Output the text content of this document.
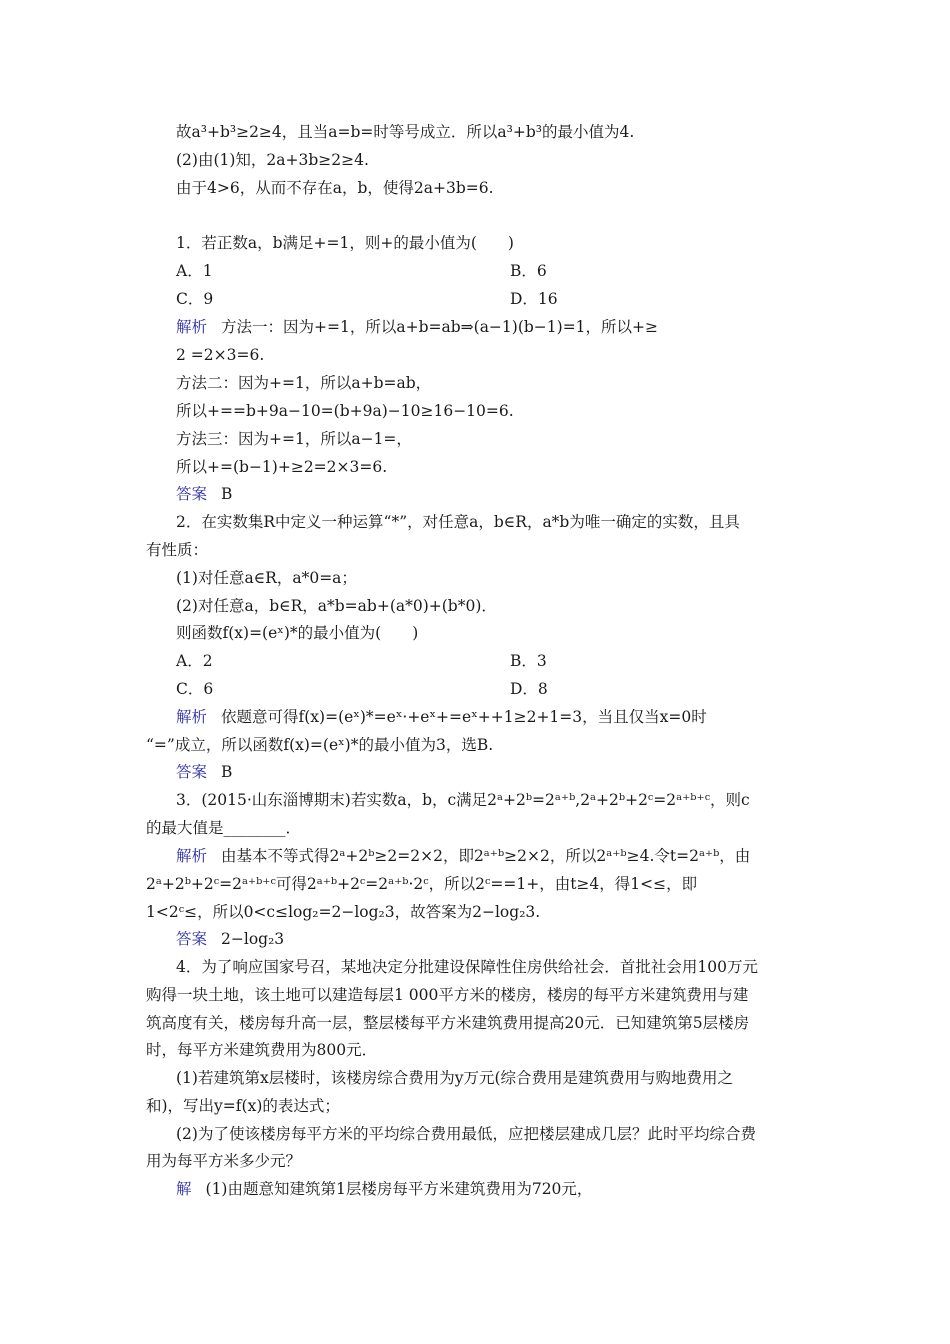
故a³+b³≥2≥4，且当a=b=时等号成立．所以a³+b³的最小值为4.
(2)由(1)知，2a+3b≥2≥4.
由于4>6，从而不存在a，b，使得2a+3b=6.
1．若正数a，b满足+=1，则+的最小值为(　　)
A．1	B．6
C．9	D．16
解析 方法一：因为+=1，所以a+b=ab⇒(a−1)(b−1)=1，所以+≥
2 =2×3=6.
方法二：因为+=1，所以a+b=ab，
所以+==b+9a−10=(b+9a)−10≥16−10=6.
方法三：因为+=1，所以a−1=，
所以+=(b−1)+≥2=2×3=6.
答案 B
2．在实数集R中定义一种运算“*”，对任意a，b∈R，a*b为唯一确定的实数，且具
有性质：
(1)对任意a∈R，a*0=a；
(2)对任意a，b∈R，a*b=ab+(a*0)+(b*0)．
则函数f(x)=(eˣ)*的最小值为(　　)
A．2	B．3
C．6	D．8
解析 依题意可得f(x)=(eˣ)*=eˣ·+eˣ+=eˣ++1≥2+1=3，当且仅当x=0时
“=”成立，所以函数f(x)=(eˣ)*的最小值为3，选B.
答案 B
3．(2015·山东淄博期末)若实数a，b，c满足2ᵃ+2ᵇ=2ᵃ⁺ᵇ,2ᵃ+2ᵇ+2ᶜ=2ᵃ⁺ᵇ⁺ᶜ，则c
的最大值是________．
解析 由基本不等式得2ᵃ+2ᵇ≥2=2×2，即2ᵃ⁺ᵇ≥2×2，所以2ᵃ⁺ᵇ≥4.令t=2ᵃ⁺ᵇ，由
2ᵃ+2ᵇ+2ᶜ=2ᵃ⁺ᵇ⁺ᶜ可得2ᵃ⁺ᵇ+2ᶜ=2ᵃ⁺ᵇ·2ᶜ，所以2ᶜ==1+，由t≥4，得1<≤，即
1<2ᶜ≤，所以0<c≤log₂=2−log₂3，故答案为2−log₂3.
答案 2−log₂3
4．为了响应国家号召，某地决定分批建设保障性住房供给社会．首批社会用100万元
购得一块土地，该土地可以建造每层1 000平方米的楼房，楼房的每平方米建筑费用与建
筑高度有关，楼房每升高一层，整层楼每平方米建筑费用提高20元．已知建筑第5层楼房
时，每平方米建筑费用为800元．
(1)若建筑第x层楼时，该楼房综合费用为y万元(综合费用是建筑费用与购地费用之
和)，写出y=f(x)的表达式；
(2)为了使该楼房每平方米的平均综合费用最低，应把楼层建成几层？此时平均综合费
用为每平方米多少元？
解 (1)由题意知建筑第1层楼房每平方米建筑费用为720元，
